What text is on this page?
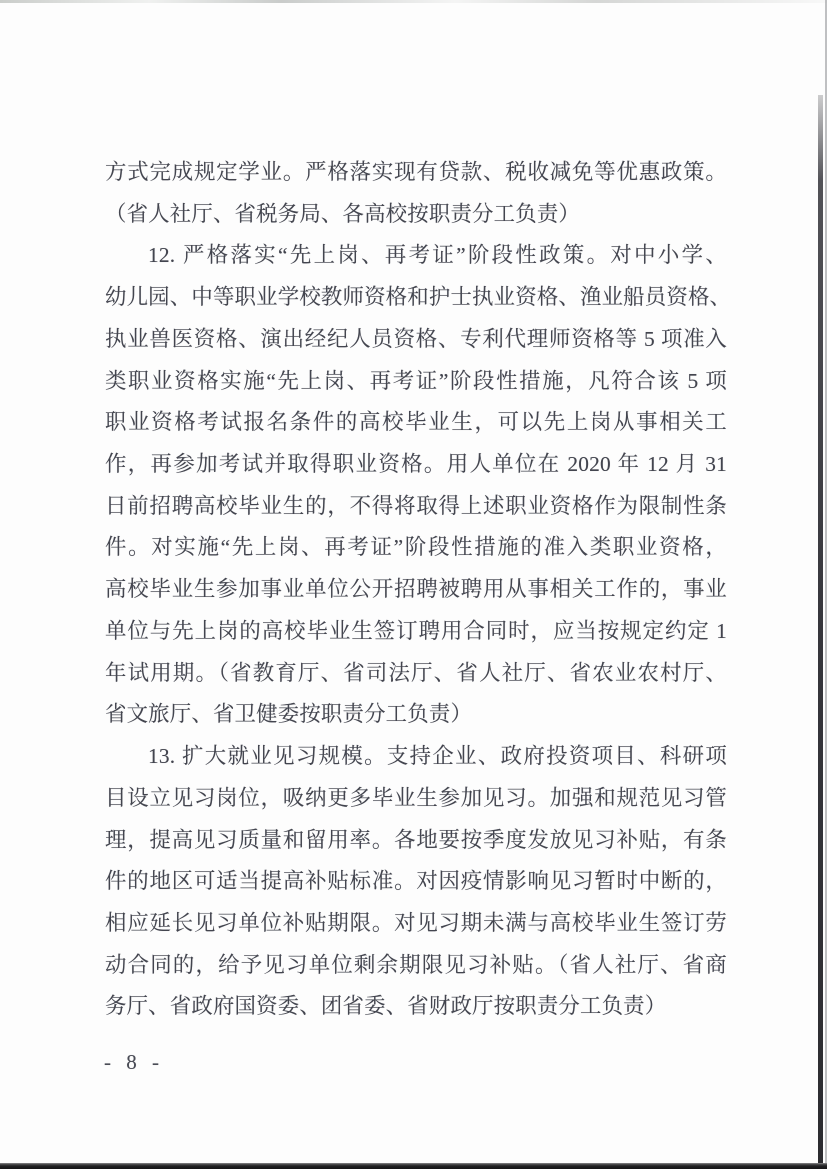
方式完成规定学业。严格落实现有贷款、税收减免等优惠政策。
（省人社厅、省税务局、各高校按职责分工负责）
12. 严格落实“先上岗、再考证”阶段性政策。对中小学、
幼儿园、中等职业学校教师资格和护士执业资格、渔业船员资格、
执业兽医资格、演出经纪人员资格、专利代理师资格等 5 项准入
类职业资格实施“先上岗、再考证”阶段性措施，凡符合该 5 项
职业资格考试报名条件的高校毕业生，可以先上岗从事相关工
作，再参加考试并取得职业资格。用人单位在 2020 年 12 月 31
日前招聘高校毕业生的，不得将取得上述职业资格作为限制性条
件。对实施“先上岗、再考证”阶段性措施的准入类职业资格，
高校毕业生参加事业单位公开招聘被聘用从事相关工作的，事业
单位与先上岗的高校毕业生签订聘用合同时，应当按规定约定 1
年试用期。（省教育厅、省司法厅、省人社厅、省农业农村厅、
省文旅厅、省卫健委按职责分工负责）
13. 扩大就业见习规模。支持企业、政府投资项目、科研项
目设立见习岗位，吸纳更多毕业生参加见习。加强和规范见习管
理，提高见习质量和留用率。各地要按季度发放见习补贴，有条
件的地区可适当提高补贴标准。对因疫情影响见习暂时中断的，
相应延长见习单位补贴期限。对见习期未满与高校毕业生签订劳
动合同的，给予见习单位剩余期限见习补贴。（省人社厅、省商
务厅、省政府国资委、团省委、省财政厅按职责分工负责）
- 8 -
